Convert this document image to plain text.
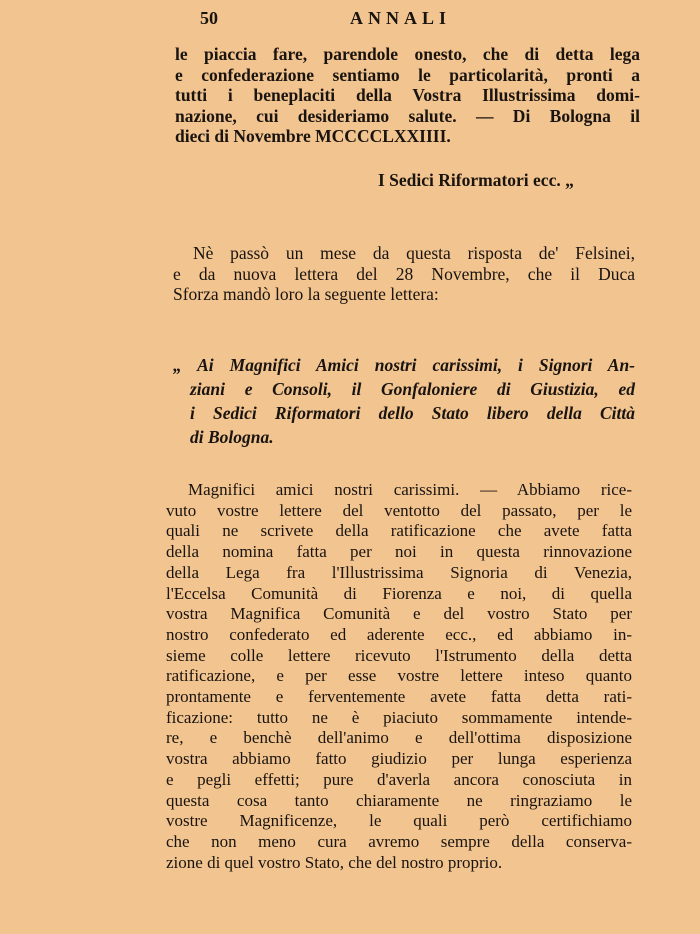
50	ANNALI
le piaccia fare, parendole onesto, che di detta lega
e confederazione sentiamo le particolarità, pronti a
tutti i beneplaciti della Vostra Illustrissima domi-
nazione, cui desideriamo salute. — Di Bologna il
dieci di Novembre MCCCCLXXIIII.
I Sedici Riformatori ecc. „
Nè passò un mese da questa risposta de' Felsinei,
e da nuova lettera del 28 Novembre, che il Duca
Sforza mandò loro la seguente lettera:
„ Ai Magnifici Amici nostri carissimi, i Signori An-
ziani e Consoli, il Gonfaloniere di Giustizia, ed
i Sedici Riformatori dello Stato libero della Città
di Bologna.
Magnifici amici nostri carissimi. — Abbiamo rice-
vuto vostre lettere del ventotto del passato, per le
quali ne scrivete della ratificazione che avete fatta
della nomina fatta per noi in questa rinnovazione
della Lega fra l'Illustrissima Signoria di Venezia,
l'Eccelsa Comunità di Fiorenza e noi, di quella
vostra Magnifica Comunità e del vostro Stato per
nostro confederato ed aderente ecc., ed abbiamo in-
sieme colle lettere ricevuto l'Istrumento della detta
ratificazione, e per esse vostre lettere inteso quanto
prontamente e ferventemente avete fatta detta rati-
ficazione: tutto ne è piaciuto sommamente intende-
re, e benchè dell'animo e dell'ottima disposizione
vostra abbiamo fatto giudizio per lunga esperienza
e pegli effetti; pure d'averla ancora conosciuta in
questa cosa tanto chiaramente ne ringraziamo le
vostre Magnificenze, le quali però certifichiamo
che non meno cura avremo sempre della conserva-
zione di quel vostro Stato, che del nostro proprio.
